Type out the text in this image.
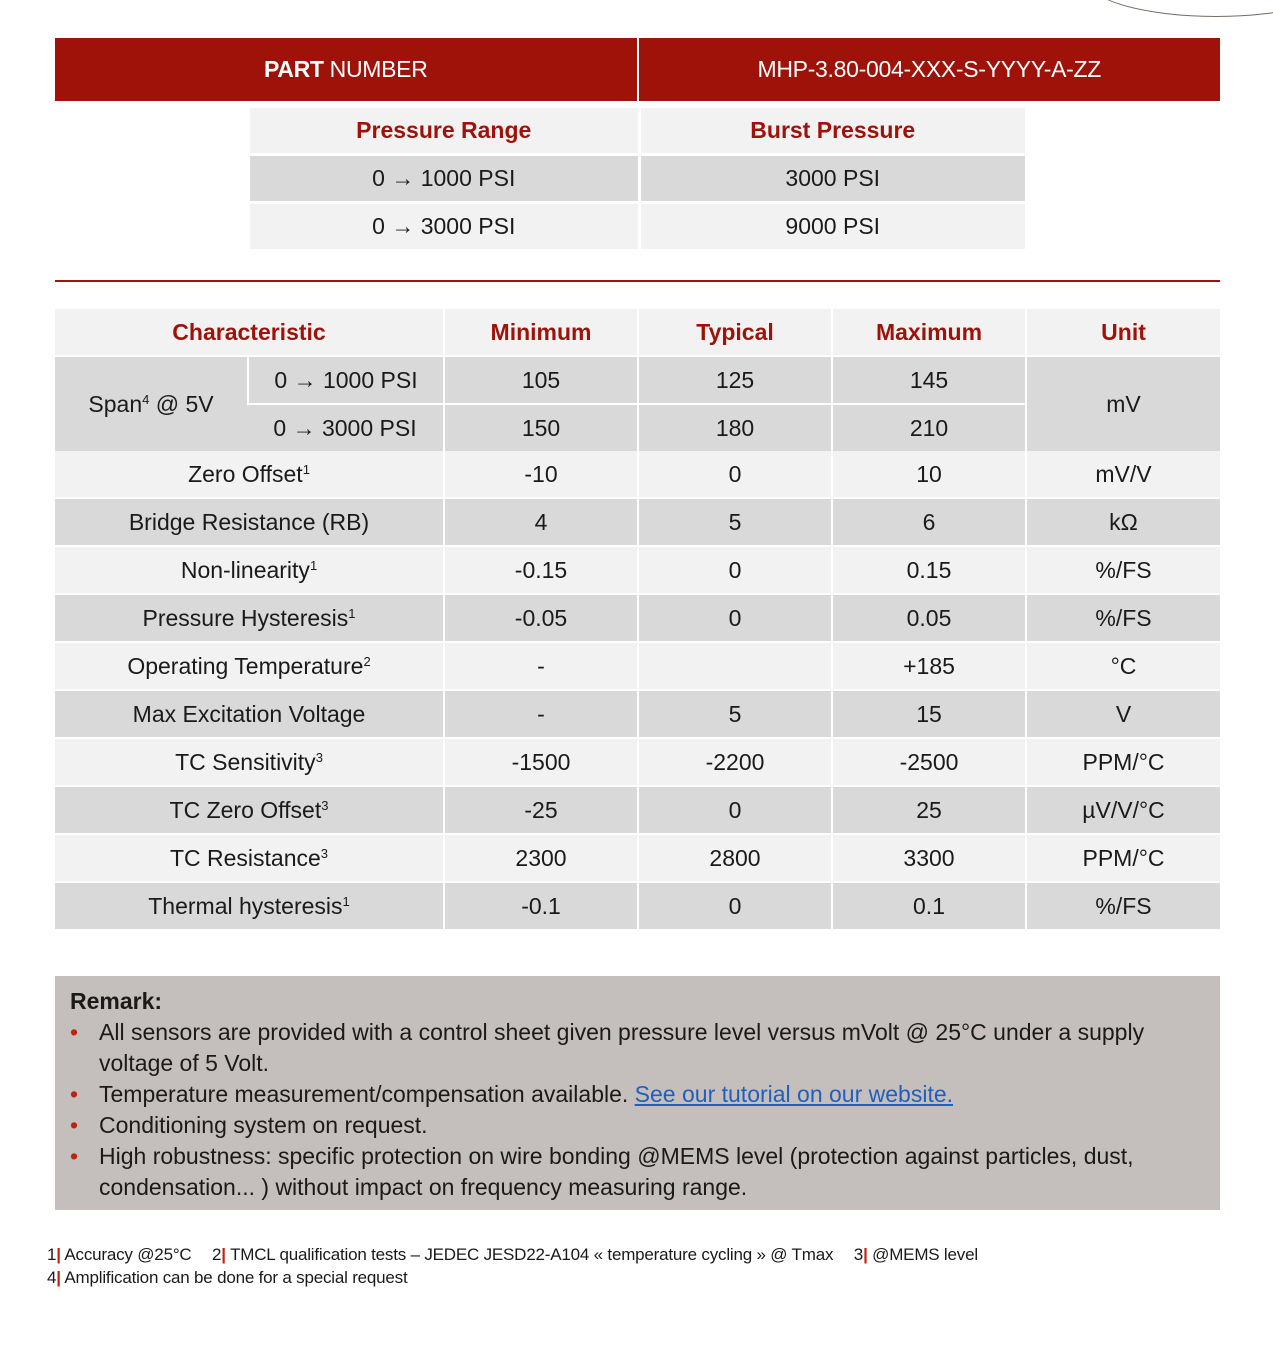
PART NUMBER	MHP-3.80-004-XXX-S-YYYY-A-ZZ
Pressure Range	Burst Pressure
0 → 1000 PSI	3000 PSI
0 → 3000 PSI	9000 PSI
Characteristic		Minimum	Typical	Maximum	Unit
Span$^4$ @ 5V	0 → 1000 PSI	105	125	145	mV
	0 → 3000 PSI	150	180	210	
Zero Offset$^1$		-10	0	10	mV/V
Bridge Resistance (RB)		4	5	6	kΩ
Non-linearity$^1$		-0.15	0	0.15	%/FS
Pressure Hysteresis$^1$		-0.05	0	0.05	%/FS
Operating Temperature$^2$		-		+185	°C
Max Excitation Voltage		-	5	15	V
TC Sensitivity$^3$		-1500	-2200	-2500	PPM/°C
TC Zero Offset$^3$		-25	0	25	µV/V/°C
TC Resistance$^3$		2300	2800	3300	PPM/°C
Thermal hysteresis$^1$		-0.1	0	0.1	%/FS
Remark:
• All sensors are provided with a control sheet given pressure level versus mVolt @ 25°C under a supply voltage of 5 Volt.
• Temperature measurement/compensation available. See our tutorial on our website.
• Conditioning system on request.
• High robustness: specific protection on wire bonding @MEMS level (protection against particles, dust, condensation... ) without impact on frequency measuring range.
1| Accuracy @25°C 2| TMCL qualification tests – JEDEC JESD22-A104 « temperature cycling » @ Tmax 3| @MEMS level
4| Amplification can be done for a special request
